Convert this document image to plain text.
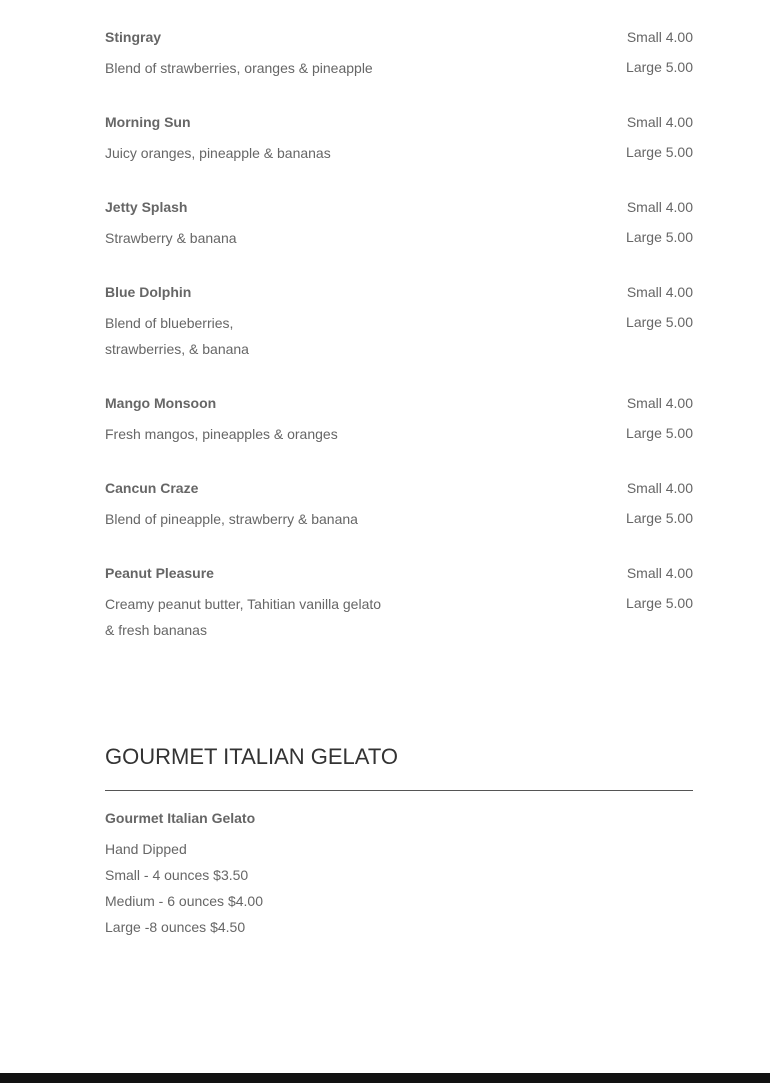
Stingray
Blend of strawberries, oranges & pineapple
Small 4.00
Large 5.00
Morning Sun
Juicy oranges, pineapple & bananas
Small 4.00
Large 5.00
Jetty Splash
Strawberry & banana
Small 4.00
Large 5.00
Blue Dolphin
Blend of blueberries,
strawberries, & banana
Small 4.00
Large 5.00
Mango Monsoon
Fresh mangos, pineapples & oranges
Small 4.00
Large 5.00
Cancun Craze
Blend of pineapple, strawberry & banana
Small 4.00
Large 5.00
Peanut Pleasure
Creamy peanut butter, Tahitian vanilla gelato
& fresh bananas
Small 4.00
Large 5.00
GOURMET ITALIAN GELATO
Gourmet Italian Gelato
Hand Dipped
Small - 4 ounces $3.50
Medium - 6 ounces $4.00
Large -8 ounces $4.50
